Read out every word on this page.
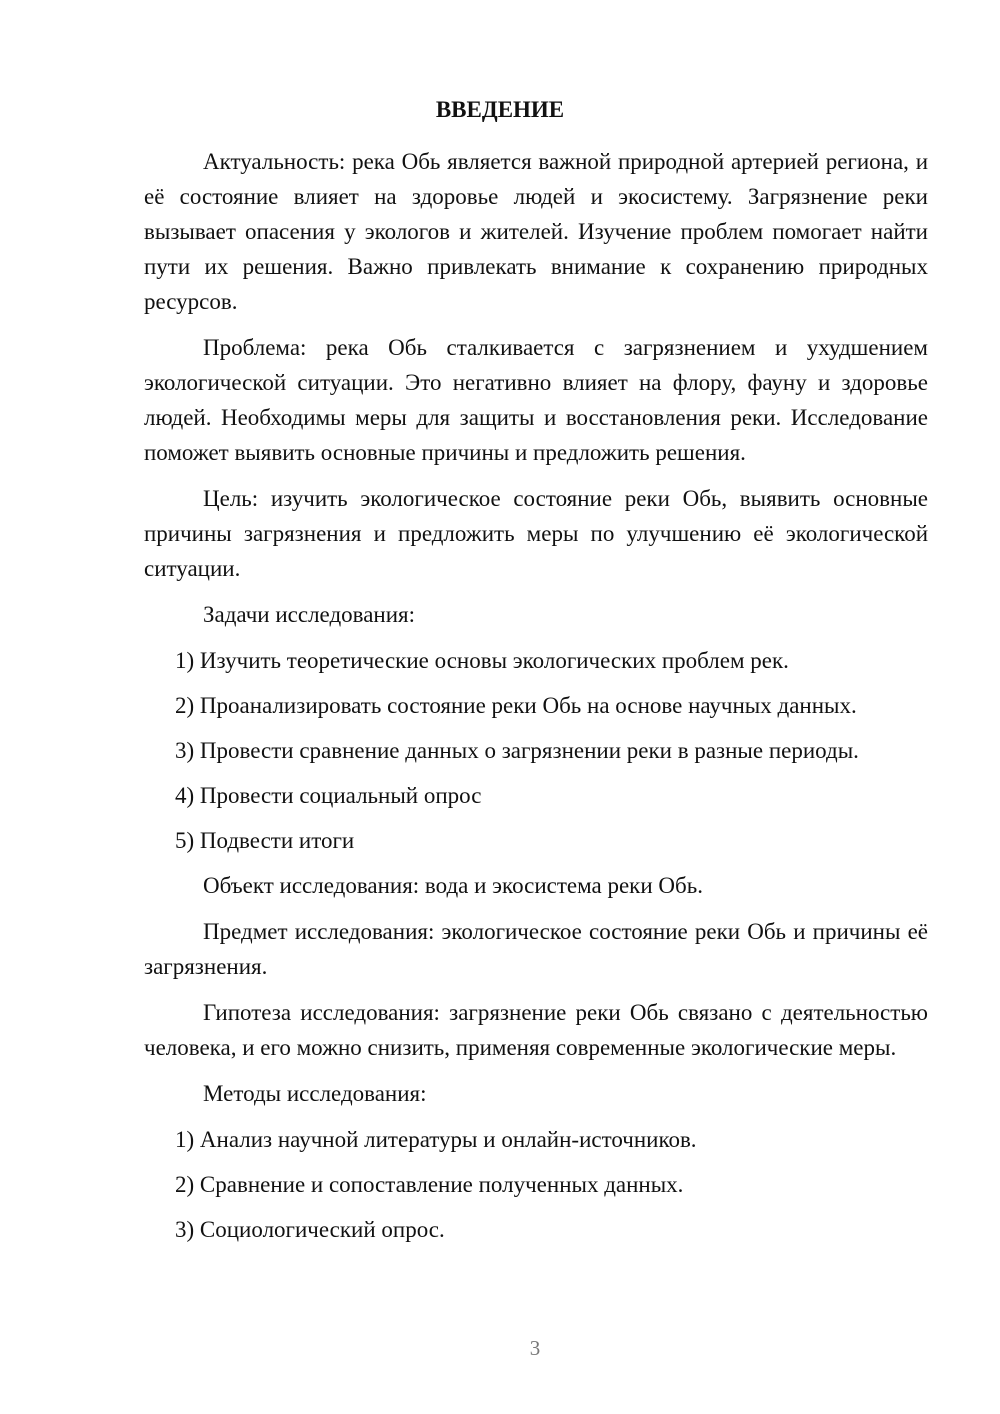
ВВЕДЕНИЕ

Актуальность: река Обь является важной природной артерией региона, и её состояние влияет на здоровье людей и экосистему. Загрязнение реки вызывает опасения у экологов и жителей. Изучение проблем помогает найти пути их решения. Важно привлекать внимание к сохранению природных ресурсов.

Проблема: река Обь сталкивается с загрязнением и ухудшением экологической ситуации. Это негативно влияет на флору, фауну и здоровье людей. Необходимы меры для защиты и восстановления реки. Исследование поможет выявить основные причины и предложить решения.

Цель: изучить экологическое состояние реки Обь, выявить основные причины загрязнения и предложить меры по улучшению её экологической ситуации.

Задачи исследования:

1) Изучить теоретические основы экологических проблем рек.
2) Проанализировать состояние реки Обь на основе научных данных.
3) Провести сравнение данных о загрязнении реки в разные периоды.
4) Провести социальный опрос
5) Подвести итоги

Объект исследования: вода и экосистема реки Обь.

Предмет исследования: экологическое состояние реки Обь и причины её загрязнения.

Гипотеза исследования: загрязнение реки Обь связано с деятельностью человека, и его можно снизить, применяя современные экологические меры.

Методы исследования:

1) Анализ научной литературы и онлайн-источников.
2) Сравнение и сопоставление полученных данных.
3) Социологический опрос.
3
